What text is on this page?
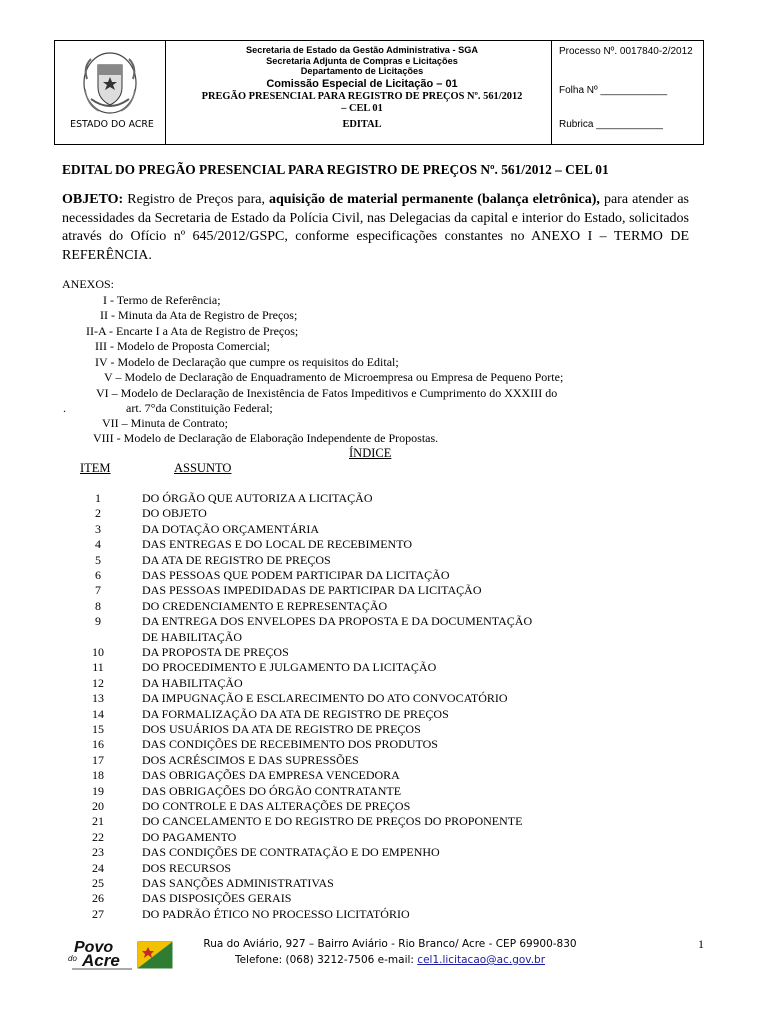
ESTADO DO ACRE
Secretaria de Estado da Gestão Administrativa - SGA
Secretaria Adjunta de Compras e Licitações
Departamento de Licitações
Comissão Especial de Licitação – 01
PREGÃO PRESENCIAL PARA REGISTRO DE PREÇOS Nº. 561/2012
– CEL 01
EDITAL
Processo Nº. 0017840-2/2012
Folha Nº ____________
Rubrica ____________
EDITAL DO PREGÃO PRESENCIAL PARA REGISTRO DE PREÇOS Nº. 561/2012 – CEL 01
OBJETO: Registro de Preços para, aquisição de material permanente (balança eletrônica), para atender as necessidades da Secretaria de Estado da Polícia Civil, nas Delegacias da capital e interior do Estado, solicitados através do Ofício nº 645/2012/GSPC, conforme especificações constantes no ANEXO I – TERMO DE REFERÊNCIA.
ANEXOS:
I - Termo de Referência;
II - Minuta da Ata de Registro de Preços;
II-A - Encarte I a Ata de Registro de Preços;
III - Modelo de Proposta Comercial;
IV - Modelo de Declaração que cumpre os requisitos do Edital;
V – Modelo de Declaração de Enquadramento de Microempresa ou Empresa de Pequeno Porte;
VI – Modelo de Declaração de Inexistência de Fatos Impeditivos e Cumprimento do XXXIII do
.	art. 7°da Constituição Federal;
VII – Minuta de Contrato;
VIII - Modelo de Declaração de Elaboração Independente de Propostas.
ÍNDICE
ITEM	ASSUNTO
1	DO ÓRGÃO QUE AUTORIZA A LICITAÇÃO
2	DO OBJETO
3	DA DOTAÇÃO ORÇAMENTÁRIA
4	DAS ENTREGAS E DO LOCAL DE RECEBIMENTO
5	DA ATA DE REGISTRO DE PREÇOS
6	DAS PESSOAS QUE PODEM PARTICIPAR DA LICITAÇÃO
7	DAS PESSOAS IMPEDIDADAS DE PARTICIPAR DA LICITAÇÃO
8	DO CREDENCIAMENTO E REPRESENTAÇÃO
9	DA ENTREGA DOS ENVELOPES DA PROPOSTA E DA DOCUMENTAÇÃO
DE HABILITAÇÃO
10	DA PROPOSTA DE PREÇOS
11	DO PROCEDIMENTO E JULGAMENTO DA LICITAÇÃO
12	DA HABILITAÇÃO
13	DA IMPUGNAÇÃO E ESCLARECIMENTO DO ATO CONVOCATÓRIO
14	DA FORMALIZAÇÃO DA ATA DE REGISTRO DE PREÇOS
15	DOS USUÁRIOS DA ATA DE REGISTRO DE PREÇOS
16	DAS CONDIÇÕES DE RECEBIMENTO DOS PRODUTOS
17	DOS ACRÉSCIMOS E DAS SUPRESSÕES
18	DAS OBRIGAÇÕES DA EMPRESA VENCEDORA
19	DAS OBRIGAÇÕES DO ÓRGÃO CONTRATANTE
20	DO CONTROLE E DAS ALTERAÇÕES DE PREÇOS
21	DO CANCELAMENTO E DO REGISTRO DE PREÇOS DO PROPONENTE
22	DO PAGAMENTO
23	DAS CONDIÇÕES DE CONTRATAÇÃO E DO EMPENHO
24	DOS RECURSOS
25	DAS SANÇÕES ADMINISTRATIVAS
26	DAS DISPOSIÇÕES GERAIS
27	DO PADRÃO ÉTICO NO PROCESSO LICITATÓRIO
Povo
do Acre
Rua do Aviário, 927 – Bairro Aviário - Rio Branco/ Acre - CEP 69900-830
Telefone: (068) 3212-7506 e-mail: cel1.licitacao@ac.gov.br
1
